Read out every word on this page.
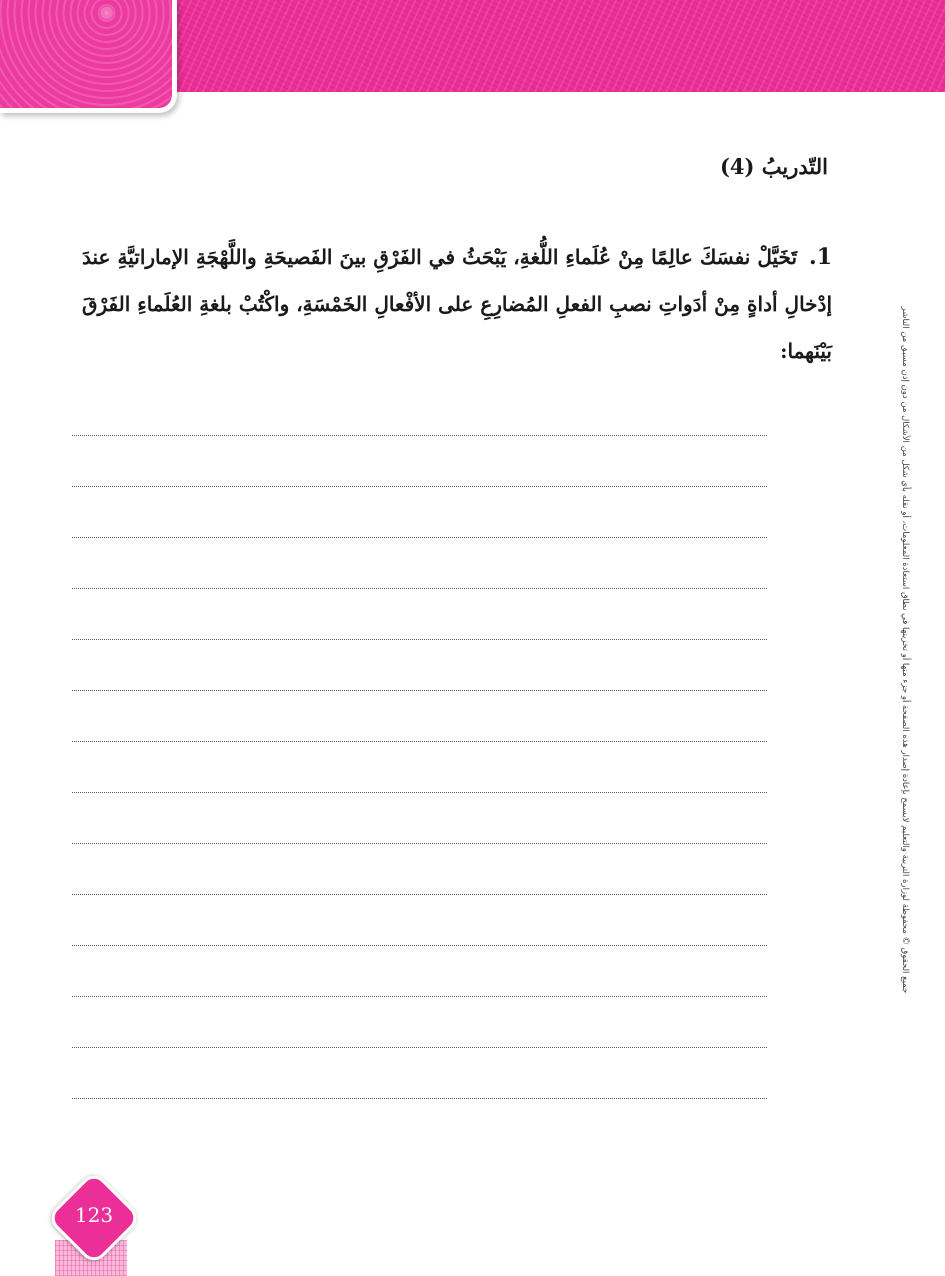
التّدريبُ (4)

1.تَخَيَّلْ نفسَكَ عالِمًا مِنْ عُلَماءِ اللُّغةِ، يَبْحَثُ في الفَرْقِ بينَ الفَصيحَةِ واللَّهْجَةِ الإماراتيَّةِ عندَ إدْخالِ أداةٍ مِنْ أدَواتِ نصبِ الفعلِ المُضارِعِ على الأفْعالِ الخَمْسَةِ، واكْتُبْ بلغةِ العُلَماءِ الفَرْقَ بَيْنَهما:	جميع الحقوق © محفوظة لوزارة التربية والتعليم لايسمح بإعادة إصدار هذه الصفحة أو جزء منها أو تخزينها في نطاق استعادة المعلومات، أو نقله بأي شكل من الأشكال من دون إذن مسبق من الناشر
123
